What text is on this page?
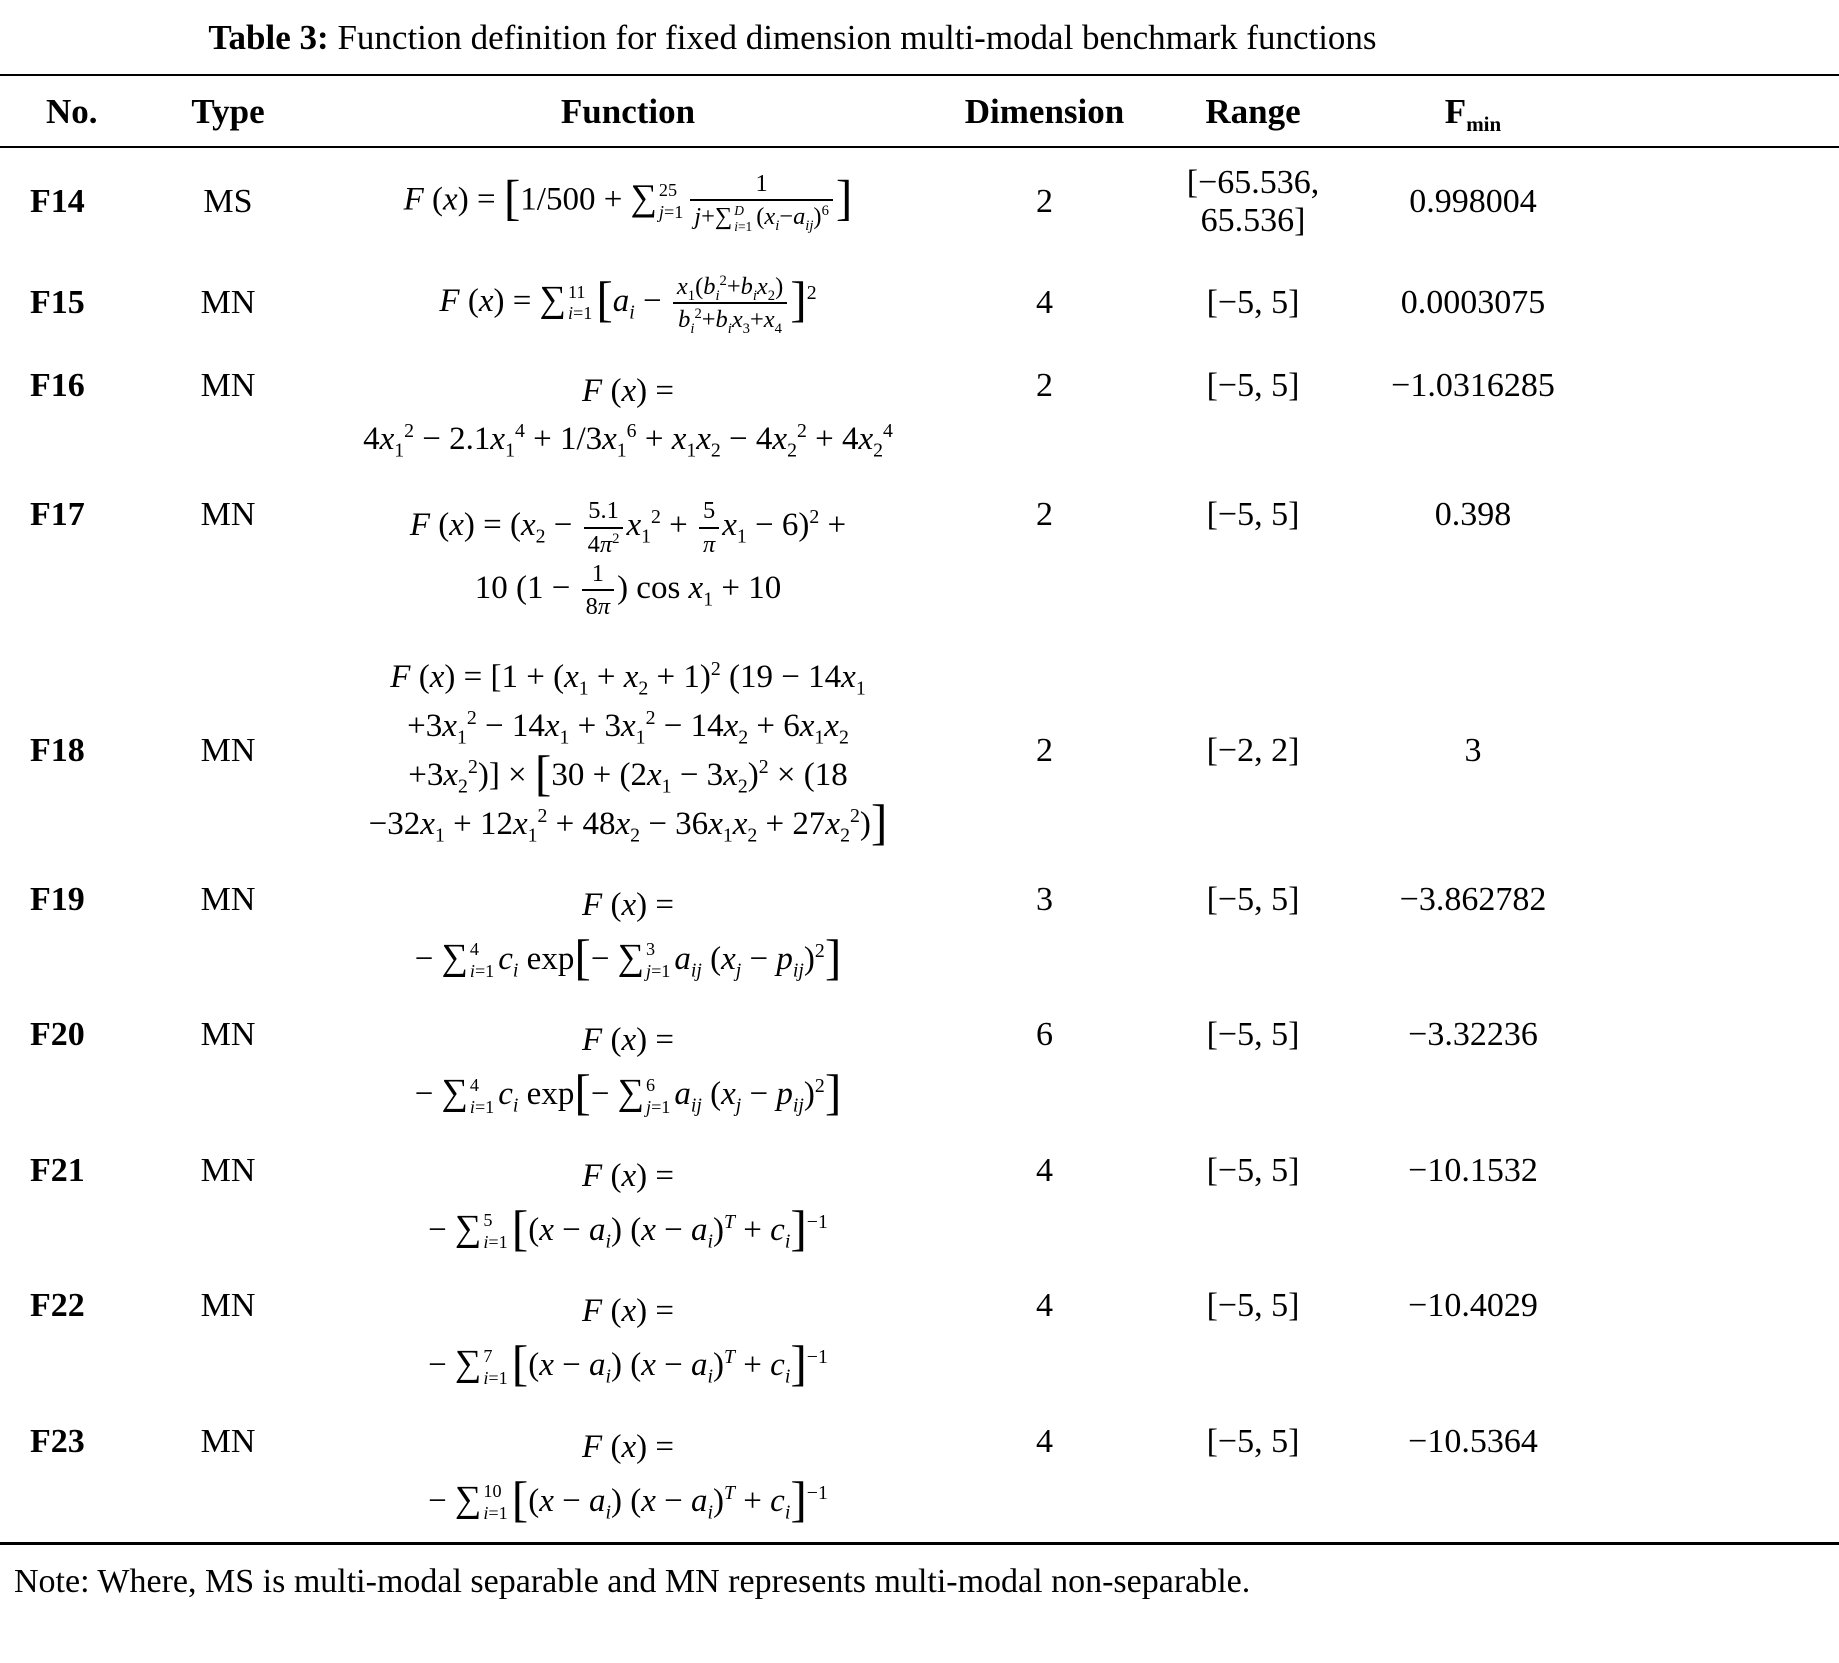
Table 3: Function definition for fixed dimension multi-modal benchmark functions
No.	Type	Function	Dimension	Range	$F_{min}$	
F14	MS	F (x) = [1/500 + ∑ 25
j=1 1
j+∑ D
i=1 $(x_i-a_{ij})^6$ ]	2	[−65.536, 65.536]	0.998004
F15	MN	F (x) = ∑ 11
i=1 $[a_i - \frac{x_1(b_i^2+b_ix_2)}{b_i^2+b_ix_3+x_4} ]^2$	4	[−5, 5]	0.0003075
F16	MN	F (x) =
$4x_1^2 - 2.1x_1^4 + 1/3x_1^6 + x_1x_2 - 4x_2^2 + 4x_2^4$	2	[−5, 5]	−1.0316285	
F17	MN	F $(x) = (x_2 - \frac{5.1}{4\pi^2} x_1^2 + \frac{5}{\pi} x_1 - 6)^2$ +
10 ($1 - \frac{1}{8\pi}$ ) $\cos x_1 + 10$
	2	[−5, 5]	0.398
F18	MN	F $(x) = [1 + (x_1 + x_2 + 1)^2$ ($19 - 14x_1$
$+3x_1^2 - 14x_1 + 3x_1^2 - 14x_2 + 6x_1x_2$
$+3x_2^2)] \times [30 + (2x_1 - 3x_2)^2 \times (18$
$-32x_1 + 12x_1^2 + 48x_2 - 36x_1x_2 + 27x_2^2$)]	2	[−2, 2]	3	
F19	MN	F (x) =
− ∑ 4
i=1 $c_i$ exp[− ∑ 3
j=1 $a_{ij}$ $(x_j - p_{ij})^2$]
	3	[−5, 5]	−3.862782
F20	MN	F (x) =
− ∑ 4
i=1 $c_i$ exp[− ∑ 6
j=1 $a_{ij}$ $(x_j - p_{ij})^2$]
	6	[−5, 5]	−3.32236
F21	MN	F (x) =
− ∑ 5
i=1 [$(x - a_i)$ $(x - a_i)^T + c_i]^{-1}$	4	[−5, 5]	−10.1532	
F22	MN	F (x) =
− ∑ 7
i=1 [$(x - a_i)$ $(x - a_i)^T + c_i]^{-1}$	4	[−5, 5]	−10.4029	
F23	MN	F (x) =
− ∑ 10
i=1 [$(x - a_i)$ $(x - a_i)^T + c_i]^{-1}$	4	[−5, 5]	−10.5364	
Note: Where, MS is multi-modal separable and MN represents multi-modal non-separable.
